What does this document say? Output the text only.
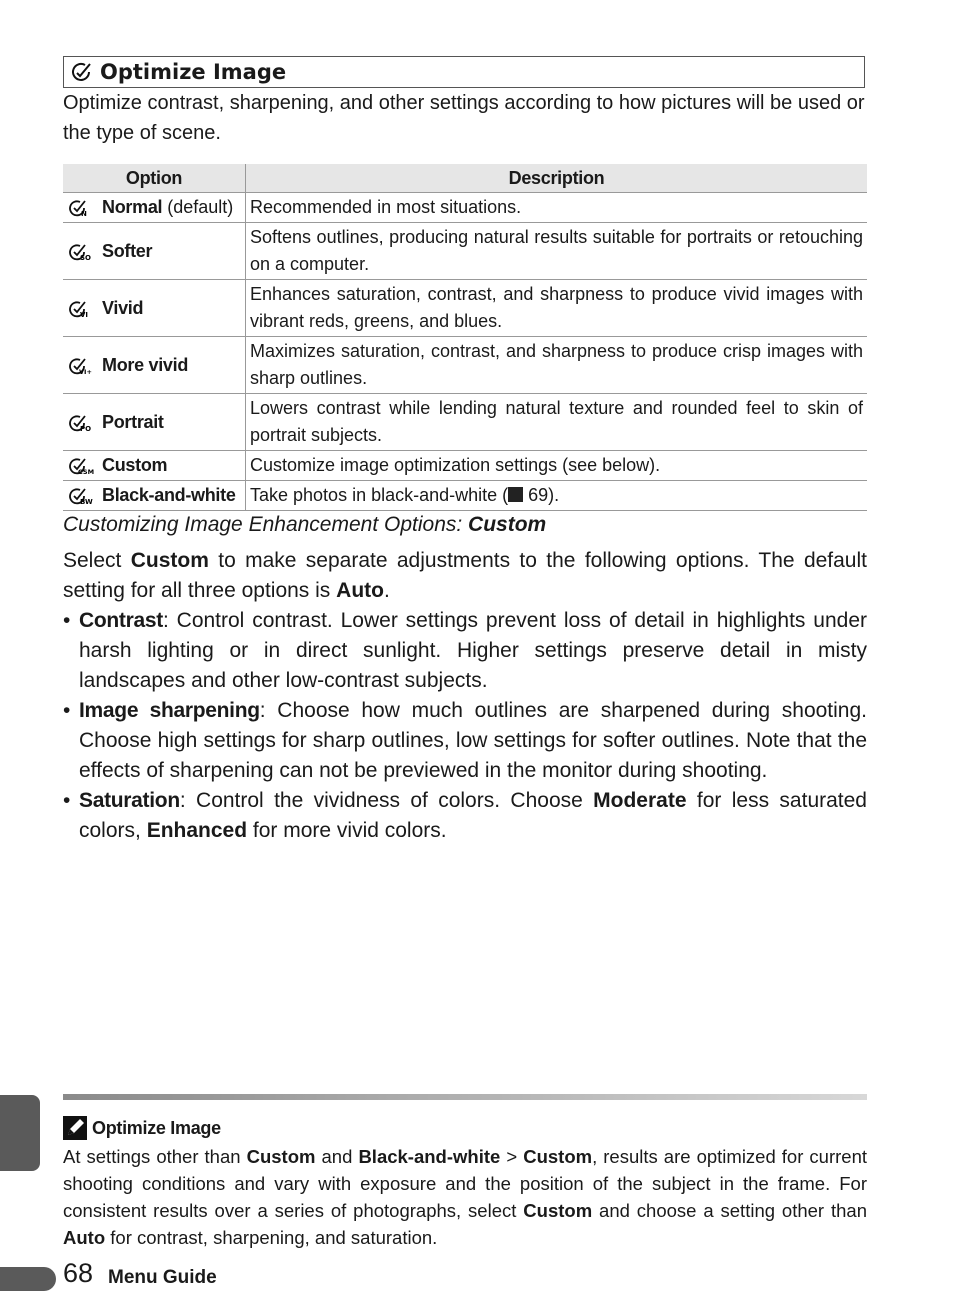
Optimize Image
Optimize contrast, sharpening, and other settings according to how pictures will be used or the type of scene.
Option	Description

N Normal (default)	Recommended in most situations.

SO Softer	Softens outlines, producing natural results suitable for portraits or retouching on a computer.

VI Vivid	Enhances saturation, contrast, and sharpness to produce vivid images with vibrant reds, greens, and blues.

VI+ More vivid	Maximizes saturation, contrast, and sharpness to produce crisp images with sharp outlines.

PO Portrait	Lowers contrast while lending natural texture and rounded feel to skin of portrait subjects.

CSM Custom	Customize image optimization settings (see below).

BW Black-and-white	Take photos in black-and-white ( 69).
Customizing Image Enhancement Options: Custom
Select Custom to make separate adjustments to the following options. The default setting for all three options is Auto.
• Contrast: Control contrast. Lower settings prevent loss of detail in highlights under harsh lighting or in direct sunlight. Higher settings preserve detail in misty landscapes and other low-contrast subjects.
• Image sharpening: Choose how much outlines are sharpened during shooting. Choose high settings for sharp outlines, low settings for softer outlines. Note that the effects of sharpening can not be previewed in the monitor during shooting.
• Saturation: Control the vividness of colors. Choose Moderate for less saturated colors, Enhanced for more vivid colors.
Optimize Image
At settings other than Custom and Black-and-white > Custom, results are optimized for current shooting conditions and vary with exposure and the position of the subject in the frame. For consistent results over a series of photographs, select Custom and choose a setting other than Auto for contrast, sharpening, and saturation.
68 Menu Guide
